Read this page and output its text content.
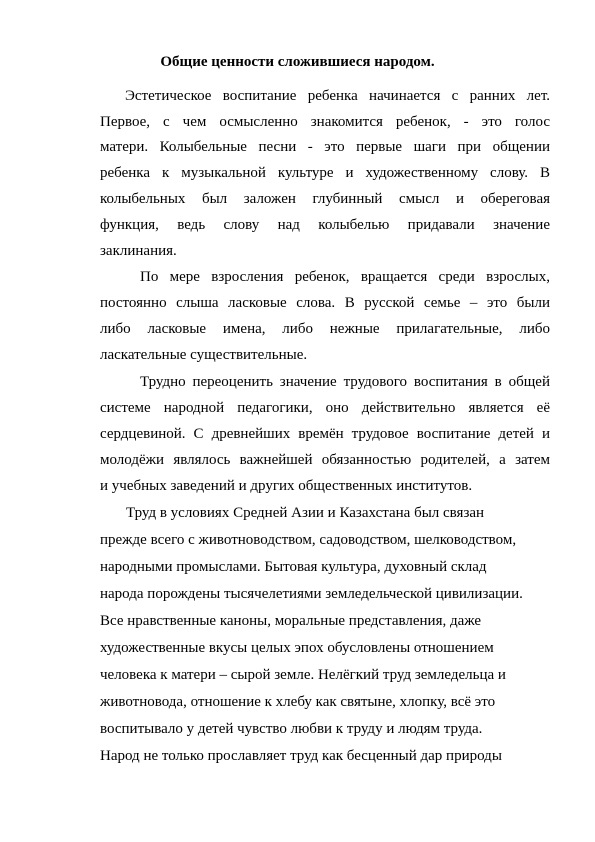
Общие ценности сложившиеся народом.
Эстетическое воспитание ребенка начинается с ранних лет.
Первое, с чем осмысленно знакомится ребенок, - это голос
матери. Колыбельные песни - это первые шаги при общении
ребенка к музыкальной культуре и художественному слову. В
колыбельных был заложен глубинный смысл и обереговая
функция, ведь слову над колыбелью придавали значение
заклинания.
По мере взросления ребенок, вращается среди взрослых,
постоянно слыша ласковые слова. В русской семье – это были
либо ласковые имена, либо нежные прилагательные, либо
ласкательные существительные.
Трудно переоценить значение трудового воспитания в общей
системе народной педагогики, оно действительно является её
сердцевиной. С древнейших времён трудовое воспитание детей и
молодёжи являлось важнейшей обязанностью родителей, а затем
и учебных заведений и других общественных институтов.
Труд в условиях Средней Азии и Казахстана был связан
прежде всего с животноводством, садоводством, шелководством,
народными промыслами. Бытовая культура, духовный склад
народа порождены тысячелетиями земледельческой цивилизации.
Все нравственные каноны, моральные представления, даже
художественные вкусы целых эпох обусловлены отношением
человека к матери – сырой земле. Нелёгкий труд земледельца и
животновода, отношение к хлебу как святыне, хлопку, всё это
воспитывало у детей чувство любви к труду и людям труда.
Народ не только прославляет труд как бесценный дар природы
